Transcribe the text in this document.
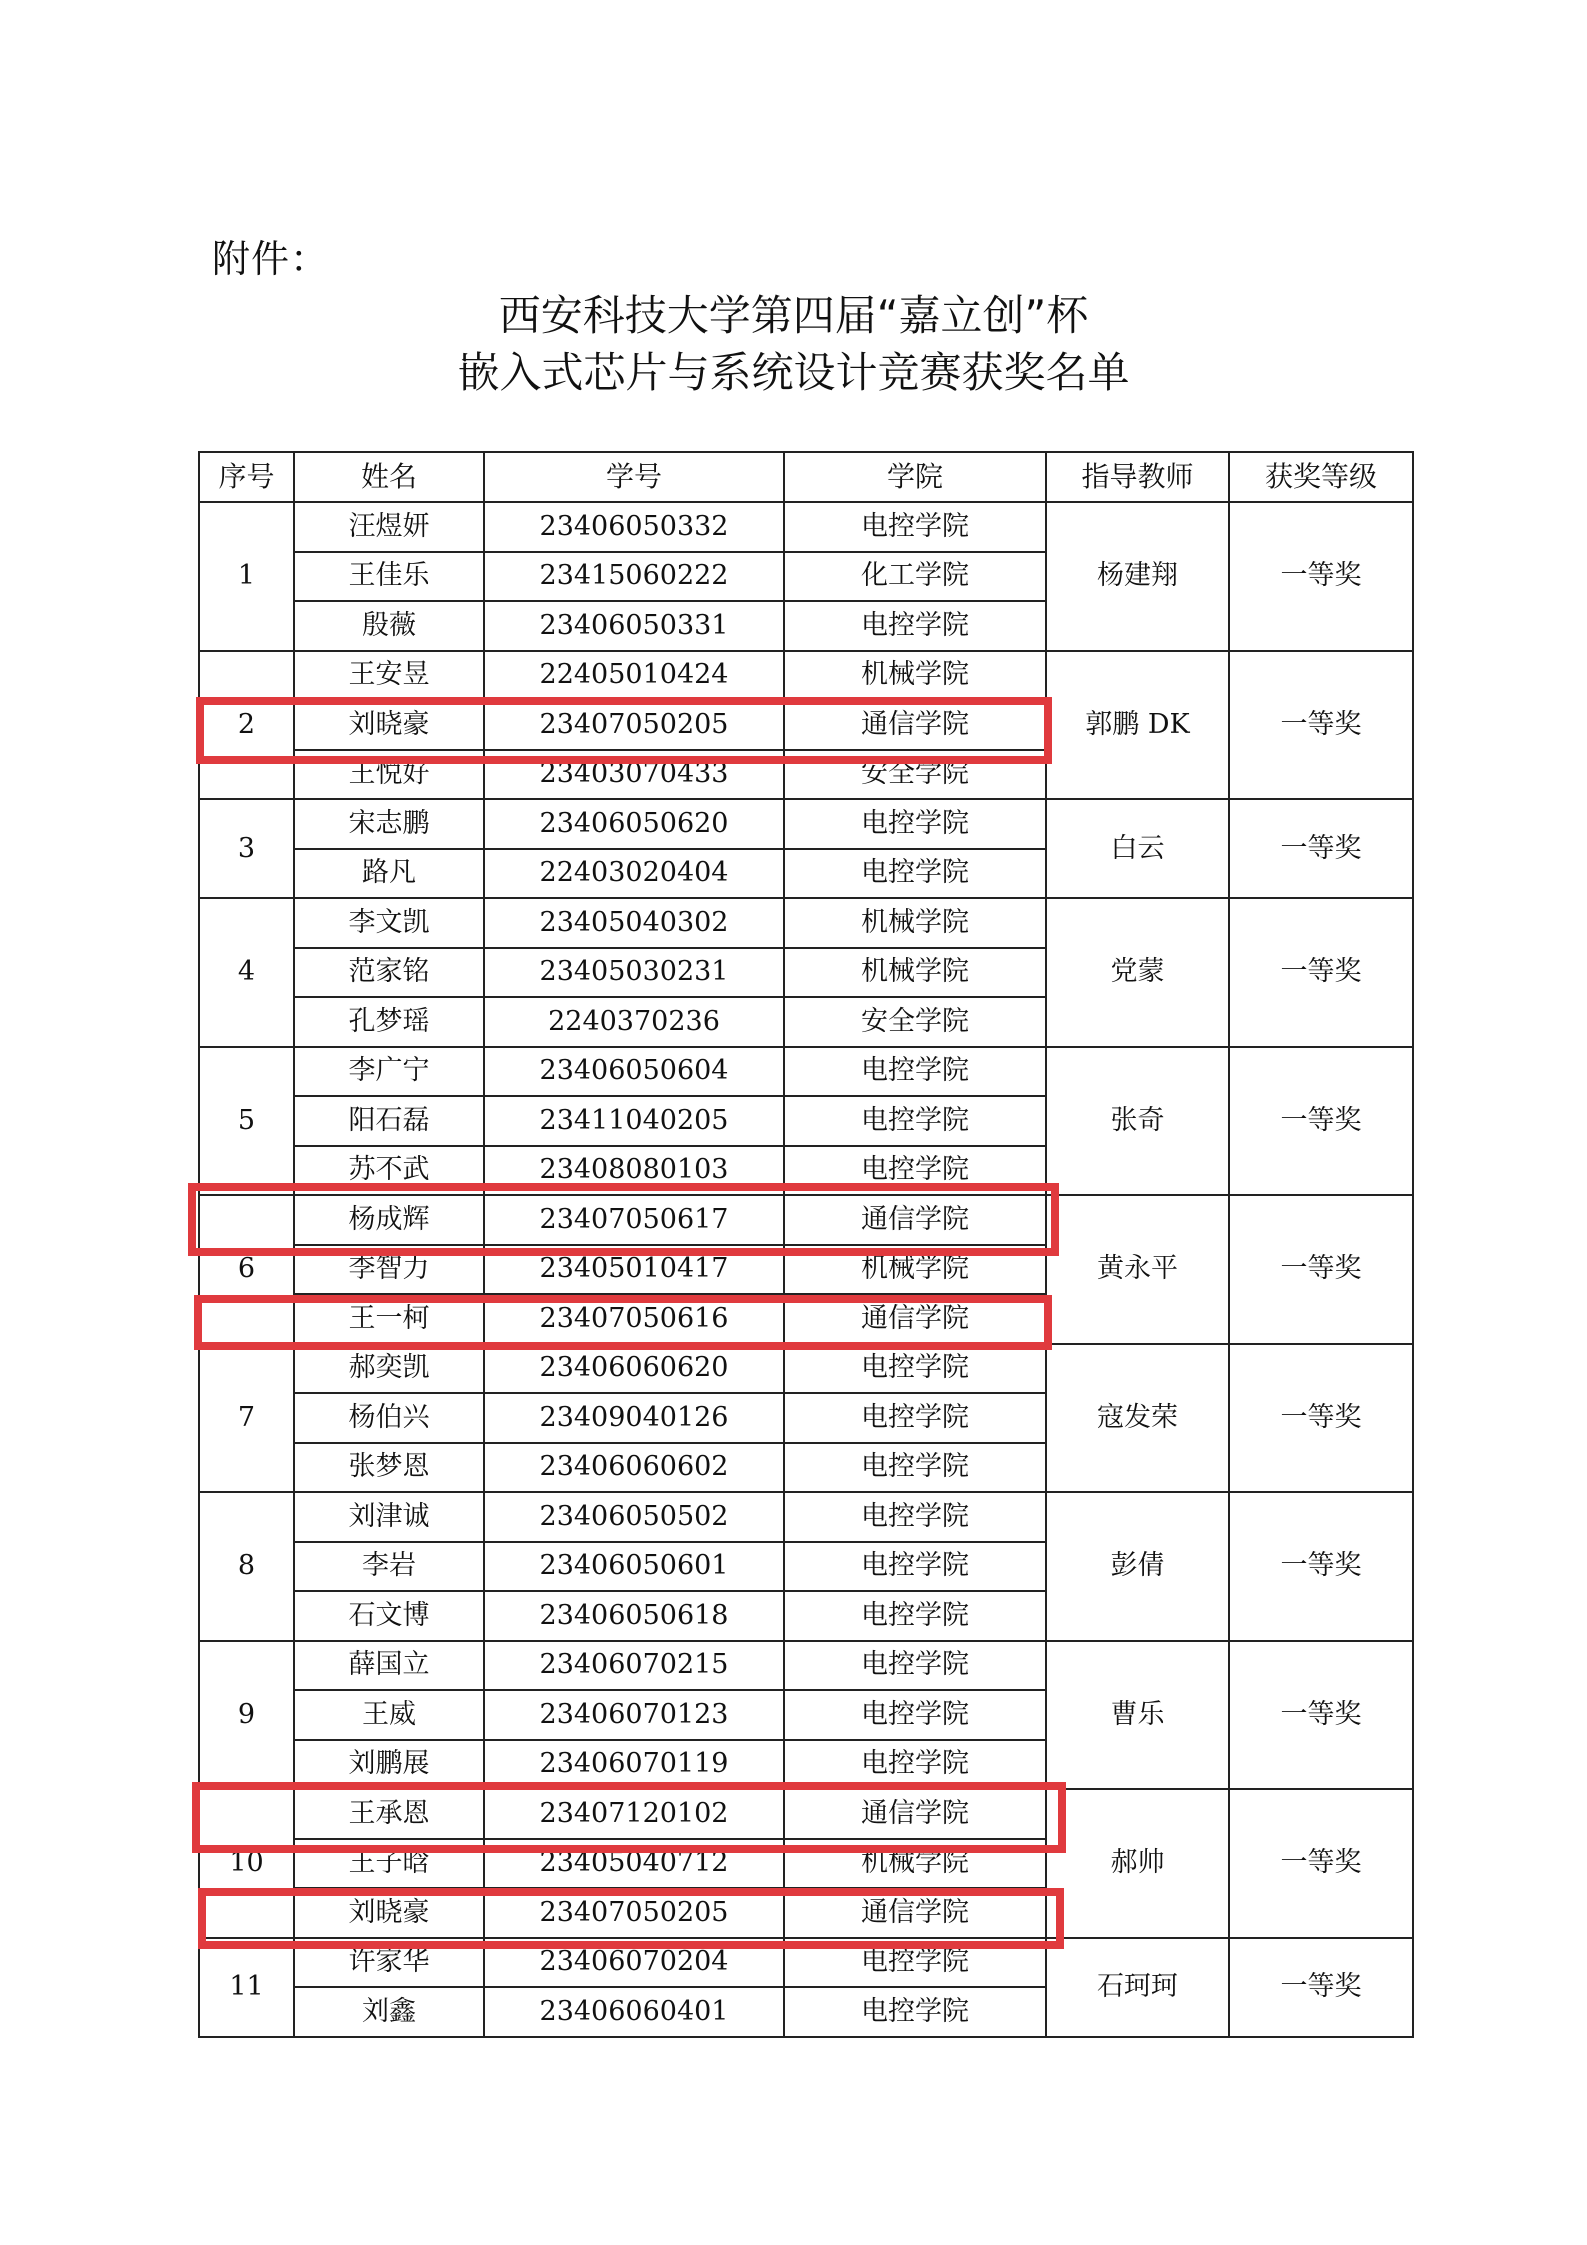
附件：
西安科技大学第四届“嘉立创”杯
嵌入式芯片与系统设计竞赛获奖名单
序号	姓名	学号	学院	指导教师	获奖等级
1	汪煜妍	23406050332	电控学院	杨建翔	一等奖
	王佳乐	23415060222	化工学院		
	殷薇	23406050331	电控学院		
2	王安昱	22405010424	机械学院	郭鹏 DK	一等奖
	刘晓豪	23407050205	通信学院		
	王悦好	23403070433	安全学院		
3	宋志鹏	23406050620	电控学院	白云	一等奖
	路凡	22403020404	电控学院		
4	李文凯	23405040302	机械学院	党蒙	一等奖
	范家铭	23405030231	机械学院		
	孔梦瑶	2240370236	安全学院		
5	李广宁	23406050604	电控学院	张奇	一等奖
	阳石磊	23411040205	电控学院		
	苏不武	23408080103	电控学院		
6	杨成辉	23407050617	通信学院	黄永平	一等奖
	李智力	23405010417	机械学院		
	王一柯	23407050616	通信学院		
7	郝奕凯	23406060620	电控学院	寇发荣	一等奖
	杨伯兴	23409040126	电控学院		
	张梦恩	23406060602	电控学院		
8	刘津诚	23406050502	电控学院	彭倩	一等奖
	李岩	23406050601	电控学院		
	石文博	23406050618	电控学院		
9	薛国立	23406070215	电控学院	曹乐	一等奖
	王威	23406070123	电控学院		
	刘鹏展	23406070119	电控学院		
10	王承恩	23407120102	通信学院	郝帅	一等奖
	王子晗	23405040712	机械学院		
	刘晓豪	23407050205	通信学院		
11	许家华	23406070204	电控学院	石珂珂	一等奖
	刘鑫	23406060401	电控学院		
